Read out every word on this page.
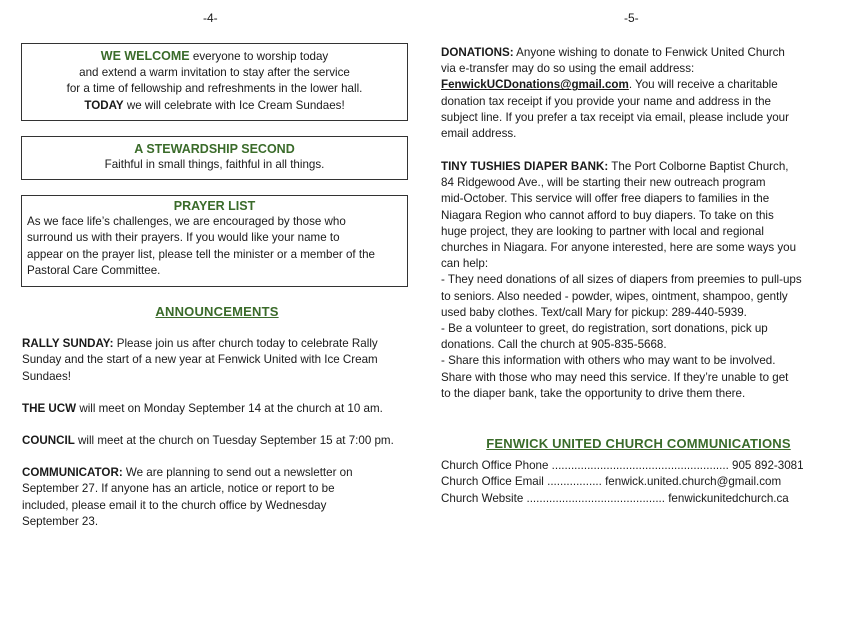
-4-	-5-
WE WELCOME everyone to worship today
and extend a warm invitation to stay after the service
for a time of fellowship and refreshments in the lower hall.
TODAY we will celebrate with Ice Cream Sundaes!
A STEWARDSHIP SECOND
Faithful in small things, faithful in all things.
PRAYER LIST
As we face life’s challenges, we are encouraged by those who
surround us with their prayers. If you would like your name to
appear on the prayer list, please tell the minister or a member of the
Pastoral Care Committee.
ANNOUNCEMENTS
RALLY SUNDAY: Please join us after church today to celebrate Rally
Sunday and the start of a new year at Fenwick United with Ice Cream
Sundaes!
THE UCW will meet on Monday September 14 at the church at 10 am.
COUNCIL will meet at the church on Tuesday September 15 at 7:00 pm.
COMMUNICATOR: We are planning to send out a newsletter on
September 27. If anyone has an article, notice or report to be
included, please email it to the church office by Wednesday
September 23.
DONATIONS: Anyone wishing to donate to Fenwick United Church
via e-transfer may do so using the email address:
FenwickUCDonations@gmail.com. You will receive a charitable
donation tax receipt if you provide your name and address in the
subject line. If you prefer a tax receipt via email, please include your
email address.
TINY TUSHIES DIAPER BANK: The Port Colborne Baptist Church,
84 Ridgewood Ave., will be starting their new outreach program
mid-October. This service will offer free diapers to families in the
Niagara Region who cannot afford to buy diapers. To take on this
huge project, they are looking to partner with local and regional
churches in Niagara. For anyone interested, here are some ways you
can help:
- They need donations of all sizes of diapers from preemies to pull-ups
to seniors. Also needed - powder, wipes, ointment, shampoo, gently
used baby clothes. Text/call Mary for pickup: 289-440-5939.
- Be a volunteer to greet, do registration, sort donations, pick up
donations. Call the church at 905-835-5668.
- Share this information with others who may want to be involved.
Share with those who may need this service. If they’re unable to get
to the diaper bank, take the opportunity to drive them there.
FENWICK UNITED CHURCH COMMUNICATIONS
Church Office Phone ....................................................... 905 892-3081
Church Office Email ................. fenwick.united.church@gmail.com
Church Website ........................................... fenwickunitedchurch.ca
